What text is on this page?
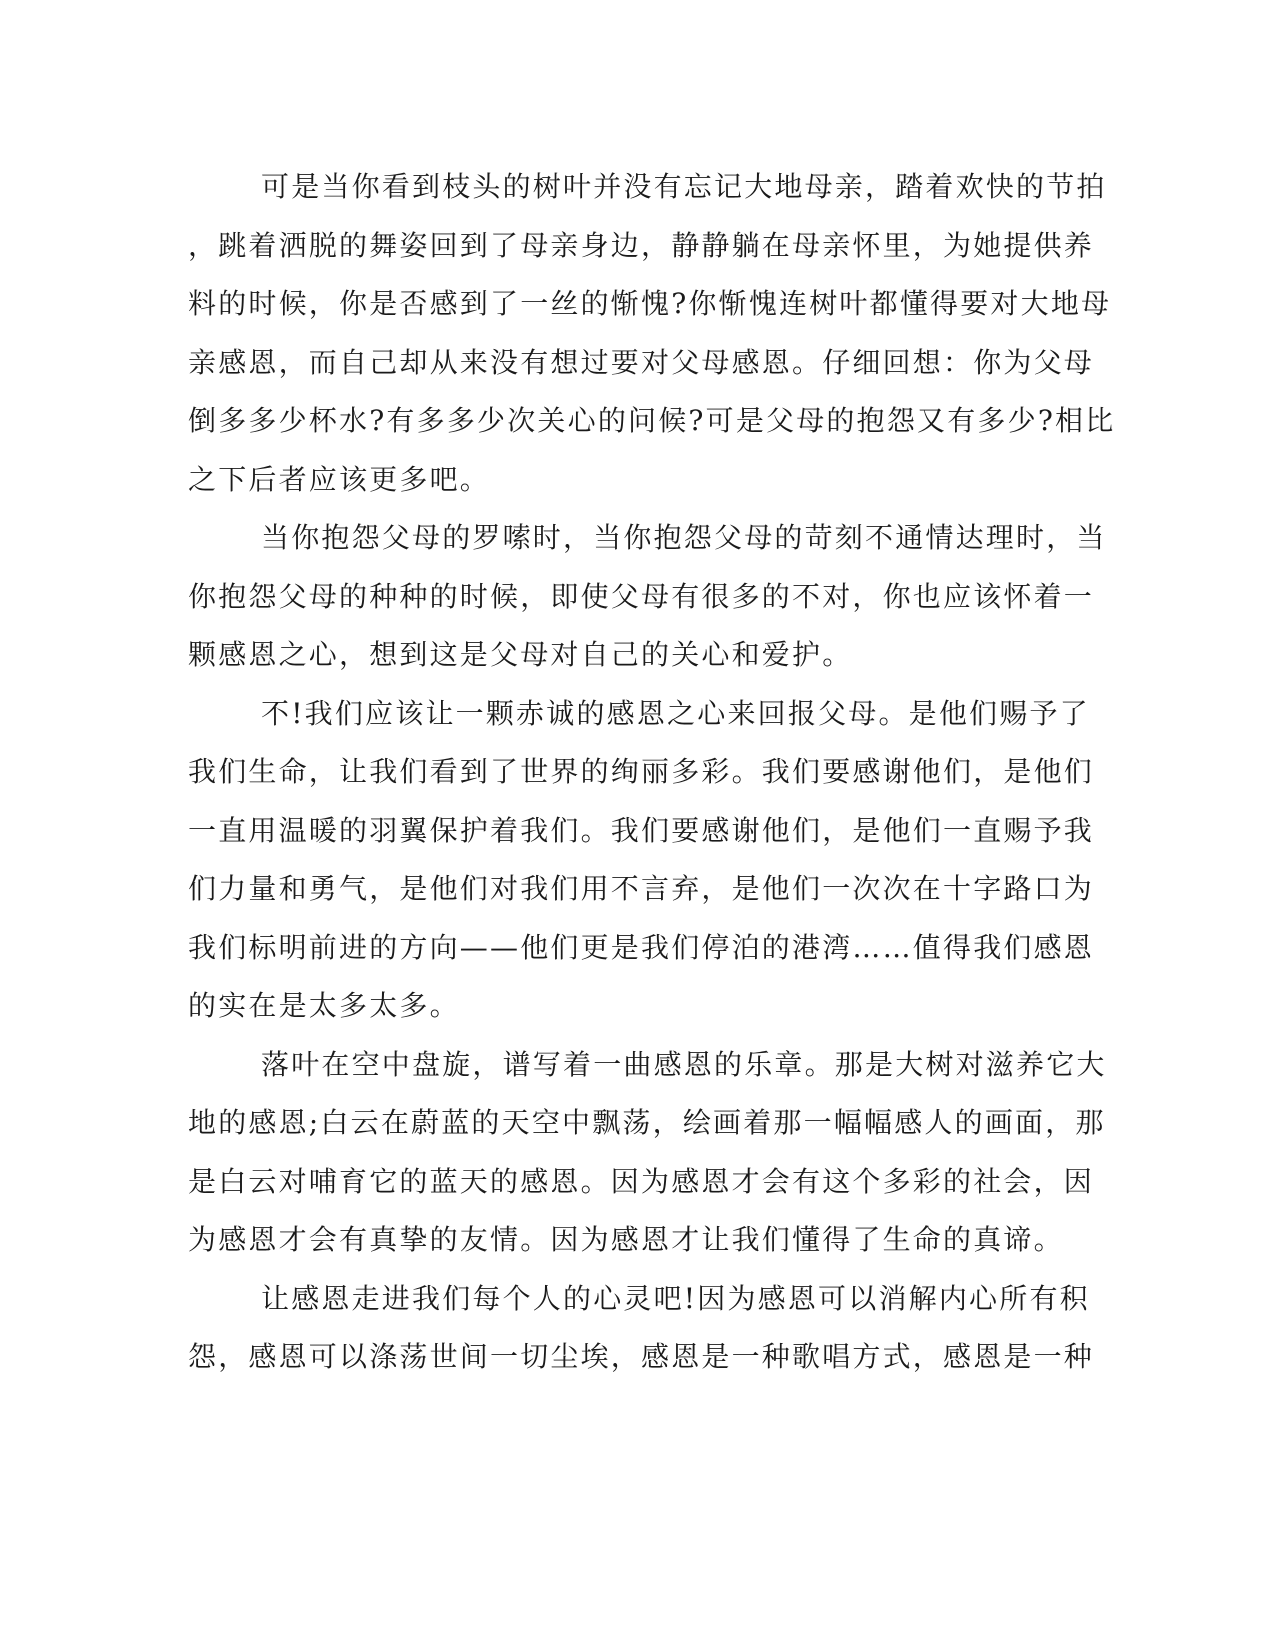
可是当你看到枝头的树叶并没有忘记大地母亲，踏着欢快的节拍
，跳着洒脱的舞姿回到了母亲身边，静静躺在母亲怀里，为她提供养
料的时候，你是否感到了一丝的惭愧?你惭愧连树叶都懂得要对大地母
亲感恩，而自己却从来没有想过要对父母感恩。仔细回想：你为父母
倒多多少杯水?有多多少次关心的问候?可是父母的抱怨又有多少?相比
之下后者应该更多吧。

当你抱怨父母的罗嗦时，当你抱怨父母的苛刻不通情达理时，当
你抱怨父母的种种的时候，即使父母有很多的不对，你也应该怀着一
颗感恩之心，想到这是父母对自己的关心和爱护。

不!我们应该让一颗赤诚的感恩之心来回报父母。是他们赐予了
我们生命，让我们看到了世界的绚丽多彩。我们要感谢他们，是他们
一直用温暖的羽翼保护着我们。我们要感谢他们，是他们一直赐予我
们力量和勇气，是他们对我们用不言弃，是他们一次次在十字路口为
我们标明前进的方向——他们更是我们停泊的港湾……值得我们感恩
的实在是太多太多。

落叶在空中盘旋，谱写着一曲感恩的乐章。那是大树对滋养它大
地的感恩;白云在蔚蓝的天空中飘荡，绘画着那一幅幅感人的画面，那
是白云对哺育它的蓝天的感恩。因为感恩才会有这个多彩的社会，因
为感恩才会有真挚的友情。因为感恩才让我们懂得了生命的真谛。

让感恩走进我们每个人的心灵吧!因为感恩可以消解内心所有积
怨，感恩可以涤荡世间一切尘埃，感恩是一种歌唱方式，感恩是一种
